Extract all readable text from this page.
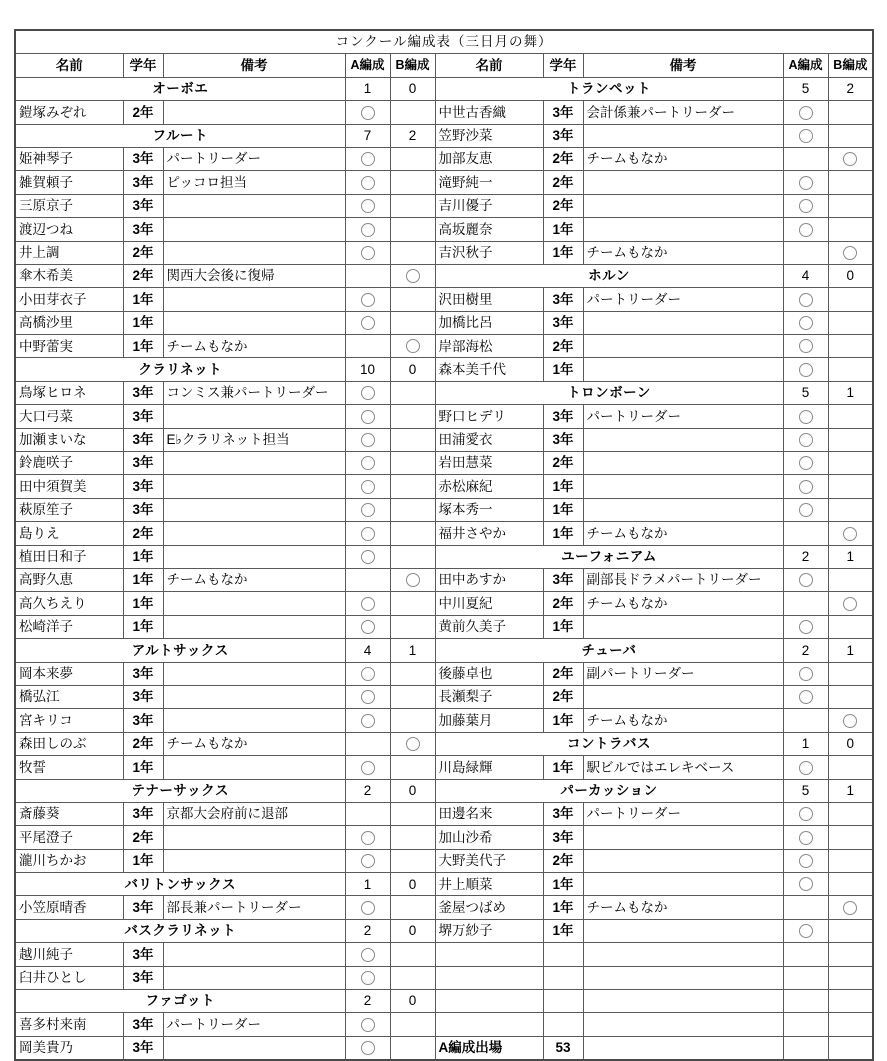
コンクール編成表（三日月の舞）									
名前	学年	備考	A編成	B編成	名前	学年	備考	A編成	B編成
オーボエ			1	0	トランペット			5	2
鎧塚みぞれ	2年				中世古香織	3年	会計係兼パートリーダー		
フルート			7	2	笠野沙菜	3年			
姫神琴子	3年	パートリーダー			加部友恵	2年	チームもなか		
雑賀頼子	3年	ピッコロ担当			滝野純一	2年			
三原京子	3年				吉川優子	2年			
渡辺つね	3年				高坂麗奈	1年			
井上調	2年				吉沢秋子	1年	チームもなか		
傘木希美	2年	関西大会後に復帰			ホルン			4	0
小田芽衣子	1年				沢田樹里	3年	パートリーダー		
高橋沙里	1年				加橋比呂	3年			
中野蕾実	1年	チームもなか			岸部海松	2年			
クラリネット			10	0	森本美千代	1年			
鳥塚ヒロネ	3年	コンミス兼パートリーダー			トロンボーン			5	1
大口弓菜	3年				野口ヒデリ	3年	パートリーダー		
加瀬まいな	3年	E♭クラリネット担当			田浦愛衣	3年			
鈴鹿咲子	3年				岩田慧菜	2年			
田中須賀美	3年				赤松麻紀	1年			
萩原笙子	3年				塚本秀一	1年			
島りえ	2年				福井さやか	1年	チームもなか		
植田日和子	1年				ユーフォニアム			2	1
高野久恵	1年	チームもなか			田中あすか	3年	副部長ドラメパートリーダー		
高久ちえり	1年				中川夏紀	2年	チームもなか		
松崎洋子	1年				黄前久美子	1年			
アルトサックス			4	1	チューバ			2	1
岡本来夢	3年				後藤卓也	2年	副パートリーダー		
橋弘江	3年				長瀬梨子	2年			
宮キリコ	3年				加藤葉月	1年	チームもなか		
森田しのぶ	2年	チームもなか			コントラバス			1	0
牧誓	1年				川島緑輝	1年	駅ビルではエレキベース		
テナーサックス			2	0	パーカッション			5	1
斎藤葵	3年	京都大会府前に退部			田邊名来	3年	パートリーダー		
平尾澄子	2年				加山沙希	3年			
瀧川ちかお	1年				大野美代子	2年			
バリトンサックス			1	0	井上順菜	1年			
小笠原晴香	3年	部長兼パートリーダー			釜屋つばめ	1年	チームもなか		
バスクラリネット			2	0	堺万紗子	1年			
越川純子	3年								
臼井ひとし	3年								
ファゴット			2	0					
喜多村来南	3年	パートリーダー							
岡美貴乃	3年				A編成出場	53			
